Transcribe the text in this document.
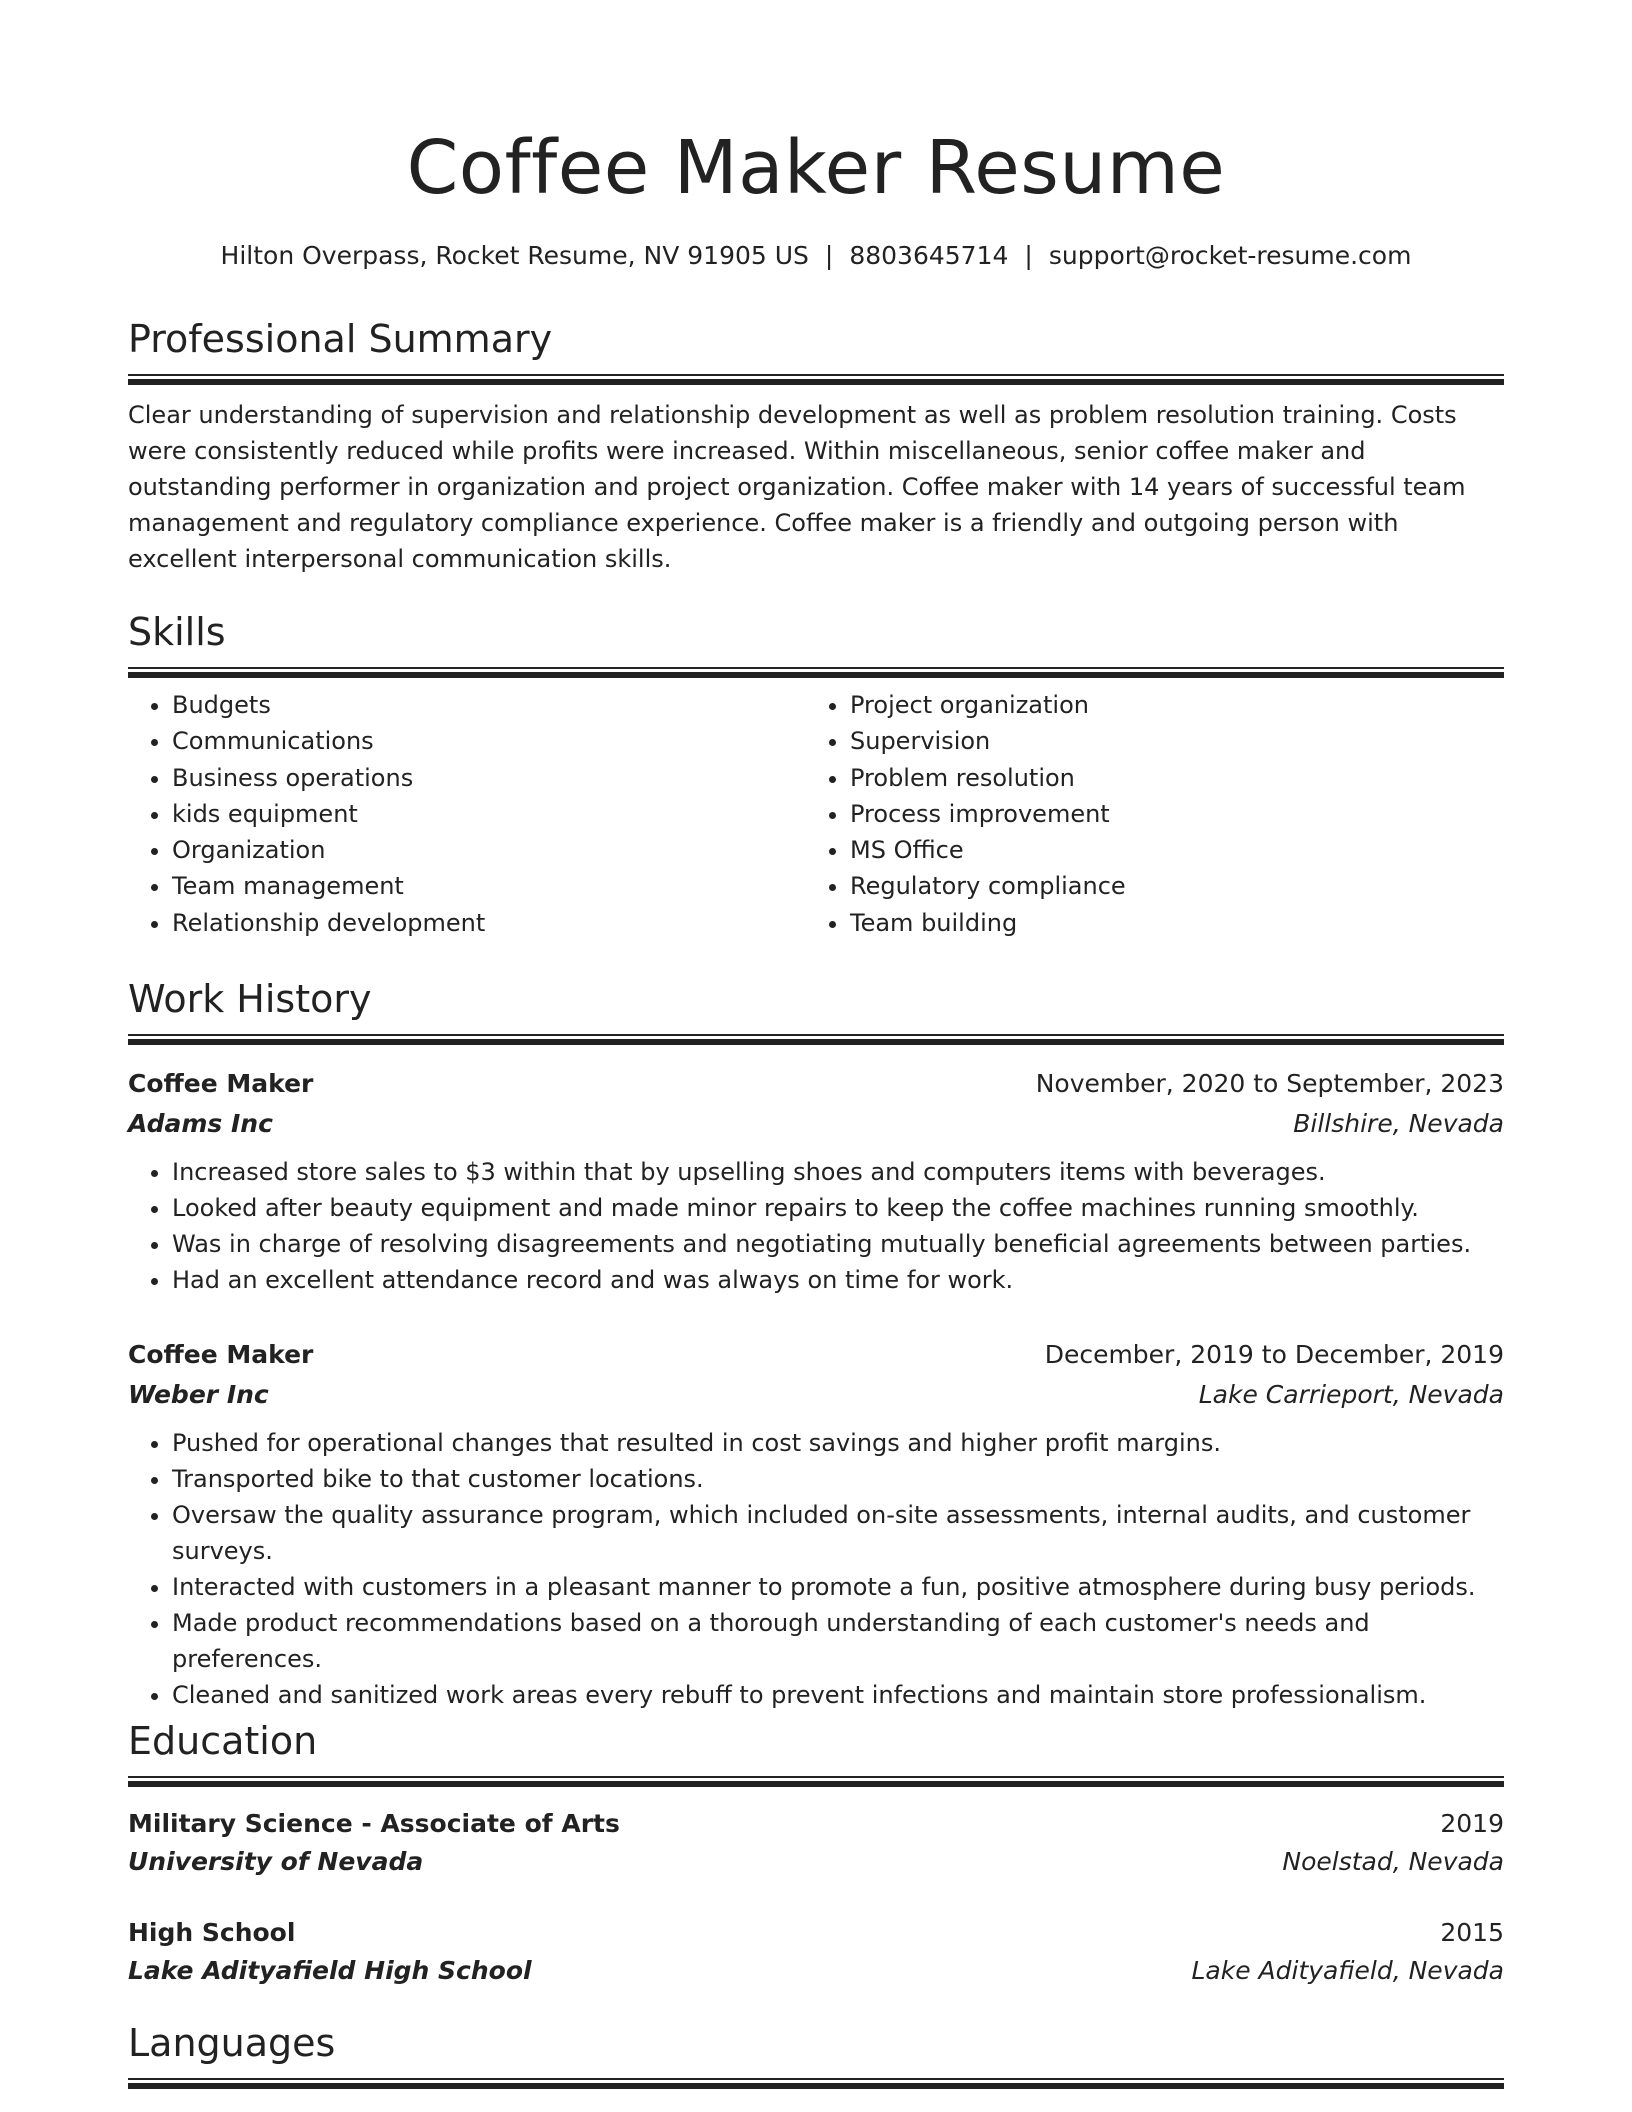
Coffee Maker Resume
Hilton Overpass, Rocket Resume, NV 91905 US | 8803645714 | support@rocket-resume.com
Professional Summary
Clear understanding of supervision and relationship development as well as problem resolution training. Costs were consistently reduced while profits were increased. Within miscellaneous, senior coffee maker and outstanding performer in organization and project organization. Coffee maker with 14 years of successful team management and regulatory compliance experience. Coffee maker is a friendly and outgoing person with excellent interpersonal communication skills.
Skills
• Budgets
• Communications
• Business operations
• kids equipment
• Organization
• Team management
• Relationship development
• Project organization
• Supervision
• Problem resolution
• Process improvement
• MS Office
• Regulatory compliance
• Team building
Work History
Coffee Maker	November, 2020 to September, 2023
Adams Inc	Billshire, Nevada
• Increased store sales to $3 within that by upselling shoes and computers items with beverages.
• Looked after beauty equipment and made minor repairs to keep the coffee machines running smoothly.
• Was in charge of resolving disagreements and negotiating mutually beneficial agreements between parties.
• Had an excellent attendance record and was always on time for work.
Coffee Maker	December, 2019 to December, 2019
Weber Inc	Lake Carrieport, Nevada
• Pushed for operational changes that resulted in cost savings and higher profit margins.
• Transported bike to that customer locations.
• Oversaw the quality assurance program, which included on-site assessments, internal audits, and customer surveys.
• Interacted with customers in a pleasant manner to promote a fun, positive atmosphere during busy periods.
• Made product recommendations based on a thorough understanding of each customer's needs and preferences.
• Cleaned and sanitized work areas every rebuff to prevent infections and maintain store professionalism.
Education
Military Science - Associate of Arts	2019
University of Nevada	Noelstad, Nevada
High School	2015
Lake Adityafield High School	Lake Adityafield, Nevada
Languages
